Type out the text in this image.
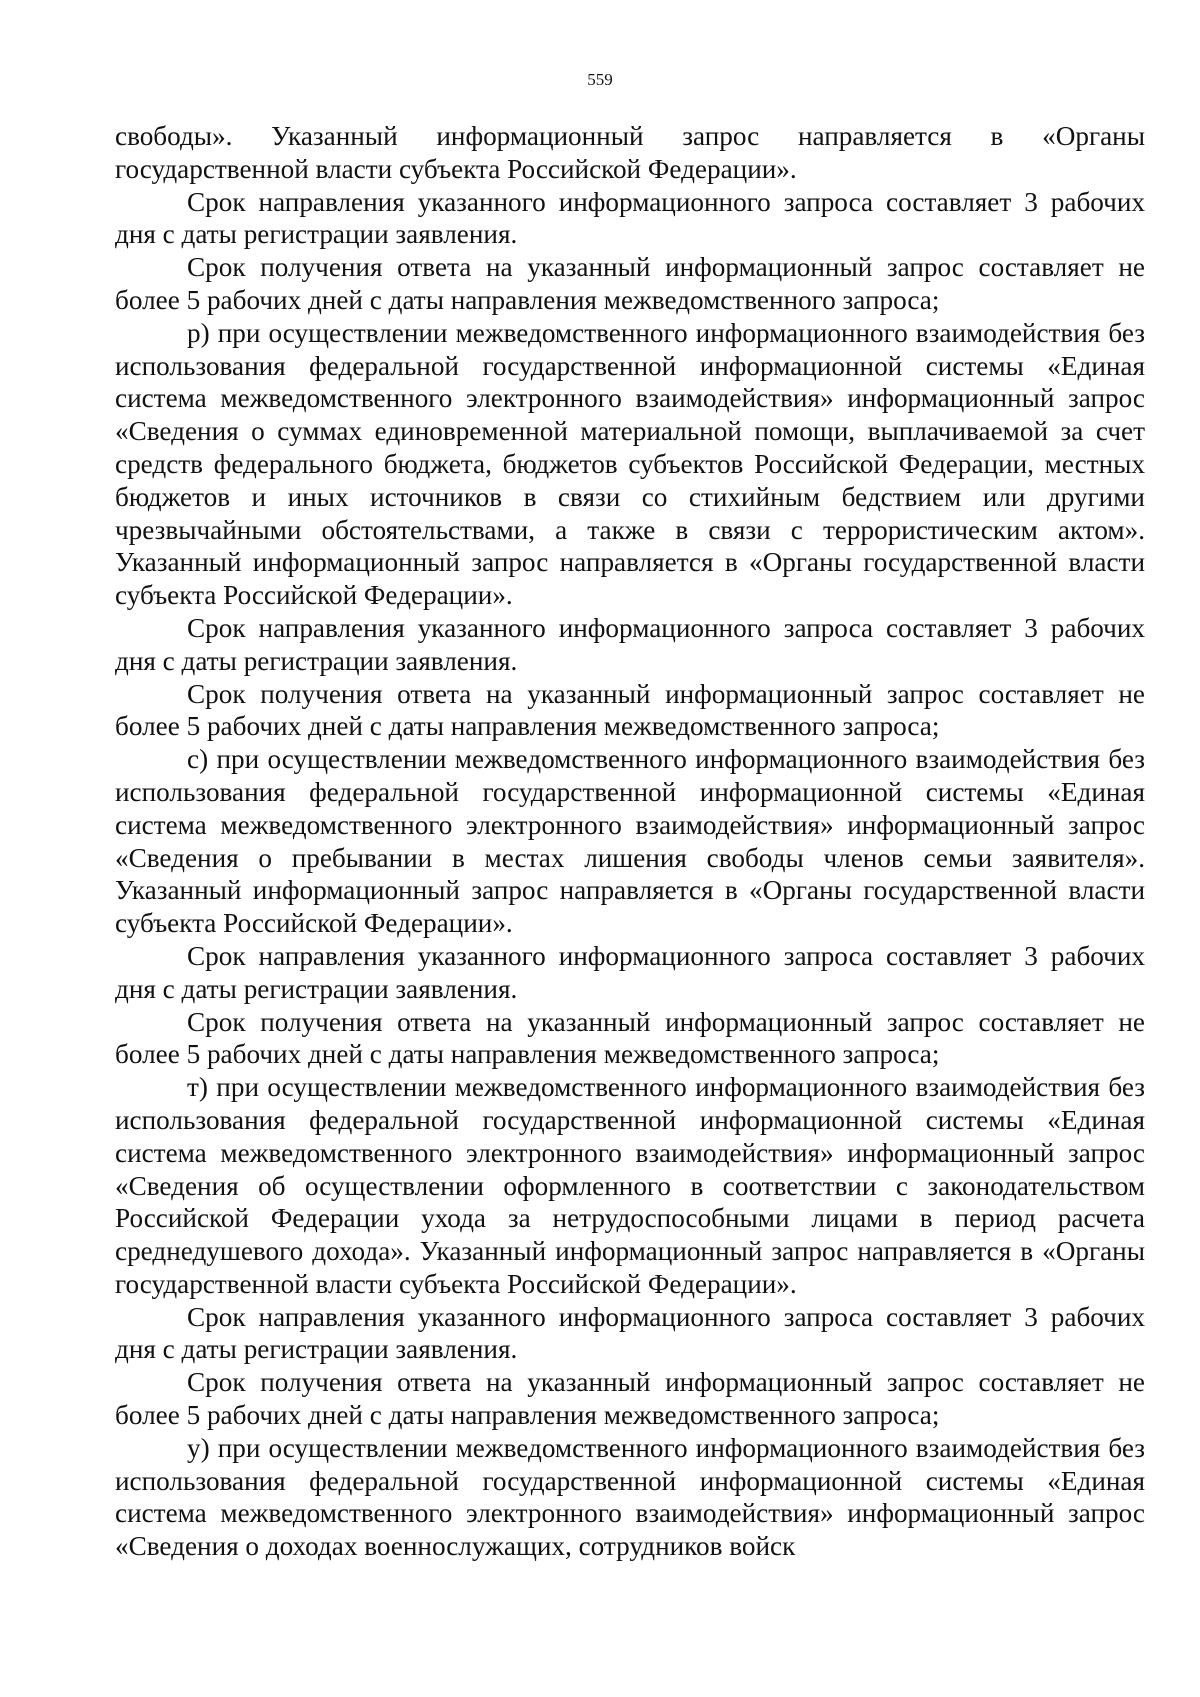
559

свободы». Указанный информационный запрос направляется в «Органы государственной власти субъекта Российской Федерации».

Срок направления указанного информационного запроса составляет 3 рабочих дня с даты регистрации заявления.

Срок получения ответа на указанный информационный запрос составляет не более 5 рабочих дней с даты направления межведомственного запроса;

р) при осуществлении межведомственного информационного взаимодействия без использования федеральной государственной информационной системы «Единая система межведомственного электронного взаимодействия» информационный запрос «Сведения о суммах единовременной материальной помощи, выплачиваемой за счет средств федерального бюджета, бюджетов субъектов Российской Федерации, местных бюджетов и иных источников в связи со стихийным бедствием или другими чрезвычайными обстоятельствами, а также в связи с террористическим актом». Указанный информационный запрос направляется в «Органы государственной власти субъекта Российской Федерации».

Срок направления указанного информационного запроса составляет 3 рабочих дня с даты регистрации заявления.

Срок получения ответа на указанный информационный запрос составляет не более 5 рабочих дней с даты направления межведомственного запроса;

с) при осуществлении межведомственного информационного взаимодействия без использования федеральной государственной информационной системы «Единая система межведомственного электронного взаимодействия» информационный запрос «Сведения о пребывании в местах лишения свободы членов семьи заявителя». Указанный информационный запрос направляется в «Органы государственной власти субъекта Российской Федерации».

Срок направления указанного информационного запроса составляет 3 рабочих дня с даты регистрации заявления.

Срок получения ответа на указанный информационный запрос составляет не более 5 рабочих дней с даты направления межведомственного запроса;

т) при осуществлении межведомственного информационного взаимодействия без использования федеральной государственной информационной системы «Единая система межведомственного электронного взаимодействия» информационный запрос «Сведения об осуществлении оформленного в соответствии с законодательством Российской Федерации ухода за нетрудоспособными лицами в период расчета среднедушевого дохода». Указанный информационный запрос направляется в «Органы государственной власти субъекта Российской Федерации».

Срок направления указанного информационного запроса составляет 3 рабочих дня с даты регистрации заявления.

Срок получения ответа на указанный информационный запрос составляет не более 5 рабочих дней с даты направления межведомственного запроса;

у) при осуществлении межведомственного информационного взаимодействия без использования федеральной государственной информационной системы «Единая система межведомственного электронного взаимодействия» информационный запрос «Сведения о доходах военнослужащих, сотрудников войск
